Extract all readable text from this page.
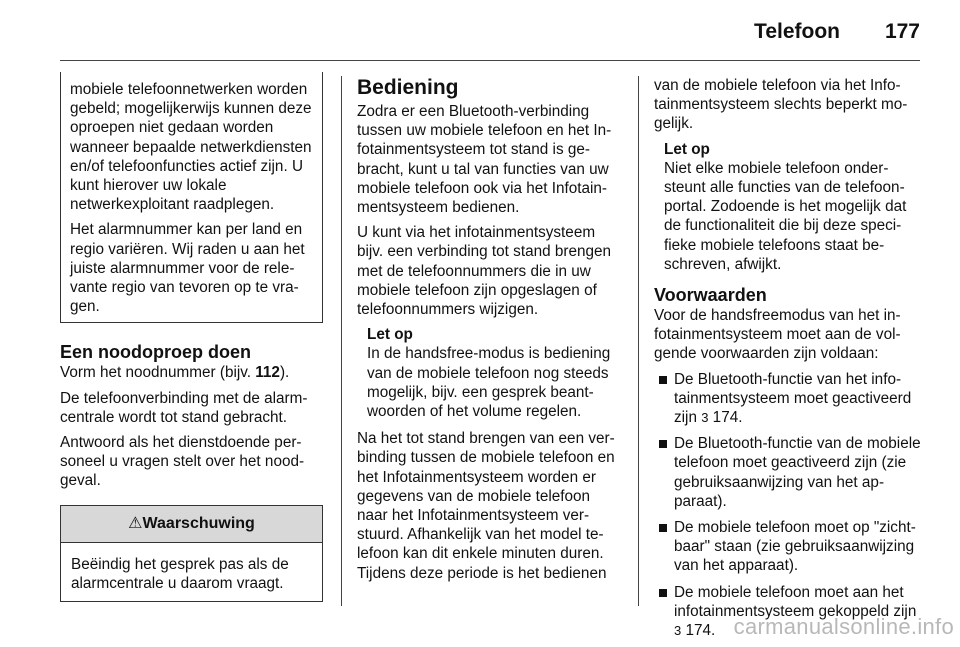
Telefoon 177

mobiele telefoonnetwerken worden gebeld; mogelijkerwijs kunnen deze oproepen niet gedaan worden wanneer bepaalde netwerkdiensten en/of telefoonfuncties actief zijn. U kunt hierover uw lokale netwerkexploitant raadplegen.

Het alarmnummer kan per land en regio variëren. Wij raden u aan het juiste alarmnummer voor de relevante regio van tevoren op te vragen.

Een noodoproep doen

Vorm het noodnummer (bijv. 112).

De telefoonverbinding met de alarmcentrale wordt tot stand gebracht.

Antwoord als het dienstdoende personeel u vragen stelt over het noodgeval.

⚠Waarschuwing
Beëindig het gesprek pas als de alarmcentrale u daarom vraagt.
Bediening

Zodra er een Bluetooth-verbinding tussen uw mobiele telefoon en het Infotainmentsysteem tot stand is gebracht, kunt u tal van functies van uw mobiele telefoon ook via het Infotainmentsysteem bedienen.

U kunt via het infotainmentsysteem bijv. een verbinding tot stand brengen met de telefoonnummers die in uw mobiele telefoon zijn opgeslagen of telefoonnummers wijzigen.

Let op
In de handsfree-modus is bediening van de mobiele telefoon nog steeds mogelijk, bijv. een gesprek beantwoorden of het volume regelen.

Na het tot stand brengen van een verbinding tussen de mobiele telefoon en het Infotainmentsysteem worden er gegevens van de mobiele telefoon naar het Infotainmentsysteem verstuurd. Afhankelijk van het model telefoon kan dit enkele minuten duren. Tijdens deze periode is het bedienen

van de mobiele telefoon via het Infotainmentsysteem slechts beperkt mogelijk.

Let op
Niet elke mobiele telefoon ondersteunt alle functies van de telefoonportal. Zodoende is het mogelijk dat de functionaliteit die bij deze specifieke mobiele telefoons staat beschreven, afwijkt.
Voorwaarden

Voor de handsfreemodus van het infotainmentsysteem moet aan de volgende voorwaarden zijn voldaan:

De Bluetooth-functie van het infotainmentsysteem moet geactiveerd zijn 3 174.
De Bluetooth-functie van de mobiele telefoon moet geactiveerd zijn (zie gebruiksaanwijzing van het apparaat).
De mobiele telefoon moet op "zichtbaar" staan (zie gebruiksaanwijzing van het apparaat).
De mobiele telefoon moet aan het infotainmentsysteem gekoppeld zijn 3 174. carmanualsonline.info
